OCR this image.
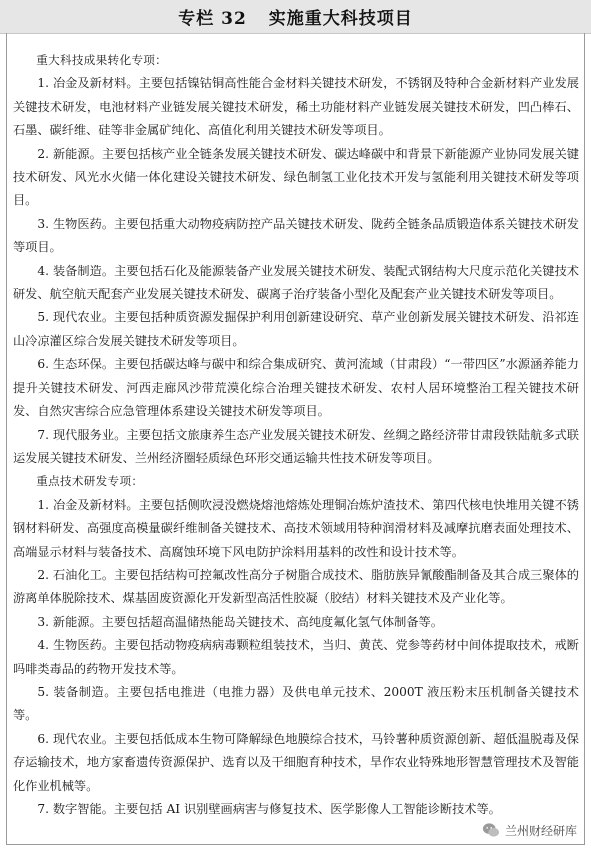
专栏 32 实施重大科技项目

重大科技成果转化专项：

1. 冶金及新材料。主要包括镍钴铜高性能合金材料关键技术研发，不锈钢及特种合金新材料产业发展关键技术研发，电池材料产业链发展关键技术研发，稀土功能材料产业链发展关键技术研发，凹凸棒石、石墨、碳纤维、硅等非金属矿纯化、高值化利用关键技术研发等项目。

2. 新能源。主要包括核产业全链条发展关键技术研发、碳达峰碳中和背景下新能源产业协同发展关键技术研发、风光水火储一体化建设关键技术研发、绿色制氢工业化技术开发与氢能利用关键技术研发等项目。

3. 生物医药。主要包括重大动物疫病防控产品关键技术研发、陇药全链条品质锻造体系关键技术研发等项目。

4. 装备制造。主要包括石化及能源装备产业发展关键技术研发、装配式钢结构大尺度示范化关键技术研发、航空航天配套产业发展关键技术研发、碳离子治疗装备小型化及配套产业关键技术研发等项目。

5. 现代农业。主要包括种质资源发掘保护利用创新建设研究、草产业创新发展关键技术研发、沿祁连山冷凉灌区综合发展关键技术研发等项目。

6. 生态环保。主要包括碳达峰与碳中和综合集成研究、黄河流域（甘肃段）“一带四区”水源涵养能力提升关键技术研发、河西走廊风沙带荒漠化综合治理关键技术研发、农村人居环境整治工程关键技术研发、自然灾害综合应急管理体系建设关键技术研发等项目。

7. 现代服务业。主要包括文旅康养生态产业发展关键技术研发、丝绸之路经济带甘肃段铁陆航多式联运发展关键技术研发、兰州经济圈轻质绿色环形交通运输共性技术研发等项目。

重点技术研发专项：

1. 冶金及新材料。主要包括侧吹浸没燃烧熔池熔炼处理铜冶炼炉渣技术、第四代核电快堆用关键不锈钢材料研发、高强度高模量碳纤维制备关键技术、高技术领域用特种润滑材料及减摩抗磨表面处理技术、高端显示材料与装备技术、高腐蚀环境下风电防护涂料用基料的改性和设计技术等。

2. 石油化工。主要包括结构可控氟改性高分子树脂合成技术、脂肪族异氰酸酯制备及其合成三聚体的游离单体脱除技术、煤基固废资源化开发新型高活性胶凝（胶结）材料关键技术及产业化等。

3. 新能源。主要包括超高温储热能岛关键技术、高纯度氟化氢气体制备等。

4. 生物医药。主要包括动物疫病病毒颗粒组装技术，当归、黄芪、党参等药材中间体提取技术，戒断吗啡类毒品的药物开发技术等。

5. 装备制造。主要包括电推进（电推力器）及供电单元技术、2000T 液压粉末压机制备关键技术等。

6. 现代农业。主要包括低成本生物可降解绿色地膜综合技术，马铃薯种质资源创新、超低温脱毒及保存运输技术，地方家畜遗传资源保护、选育以及干细胞育种技术，旱作农业特殊地形智慧管理技术及智能化作业机械等。

7. 数字智能。主要包括 AI 识别壁画病害与修复技术、医学影像人工智能诊断技术等。

兰州财经研库
